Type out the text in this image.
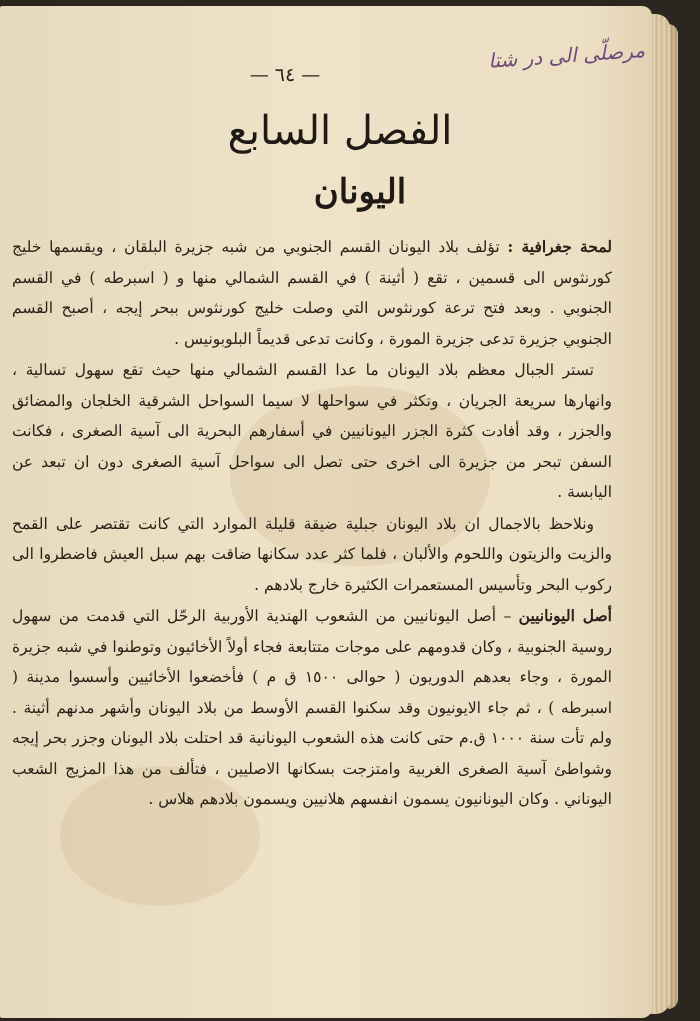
مرصلّى الى در شتا
— ٦٤ —
الفصل السابع
اليونان

لمحة جغرافية : تؤلف بلاد اليونان القسم الجنوبي من شبه جزيرة البلقان ، ويقسمها خليج كورنثوس الى قسمين ، تقع ( أثينة ) في القسم الشمالي منها و ( اسبرطه ) في القسم الجنوبي . وبعد فتح ترعة كورنثوس التي وصلت خليج كورنثوس ببحر إيجه ، أصبح القسم الجنوبي جزيرة تدعى جزيرة المورة ، وكانت تدعى قديماً البلوبونيس .

تستر الجبال معظم بلاد اليونان ما عدا القسم الشمالي منها حيث تقع سهول تسالية ، وانهارها سريعة الجريان ، وتكثر في سواحلها لا سيما السواحل الشرقية الخلجان والمضائق والجزر ، وقد أفادت كثرة الجزر اليونانيين في أسفارهم البحرية الى آسية الصغرى ، فكانت السفن تبحر من جزيرة الى اخرى حتى تصل الى سواحل آسية الصغرى دون ان تبعد عن اليابسة .

ونلاحظ بالاجمال ان بلاد اليونان جبلية ضيقة قليلة الموارد التي كانت تقتصر على القمح والزيت والزيتون واللحوم والألبان ، فلما كثر عدد سكانها ضاقت بهم سبل العيش فاضطروا الى ركوب البحر وتأسيس المستعمرات الكثيرة خارج بلادهم .

أصل اليونانيين – أصل اليونانيين من الشعوب الهندية الأوربية الرحّل التي قدمت من سهول روسية الجنوبية ، وكان قدومهم على موجات متتابعة فجاء أولاً الأخائيون وتوطنوا في شبه جزيرة المورة ، وجاء بعدهم الدوريون ( حوالى ١٥٠٠ ق م ) فأخضعوا الأخائيين وأسسوا مدينة ( اسبرطه ) ، ثم جاء الايونيون وقد سكنوا القسم الأوسط من بلاد اليونان وأشهر مدنهم أثينة . ولم تأت سنة ١٠٠٠ ق.م حتى كانت هذه الشعوب اليونانية قد احتلت بلاد اليونان وجزر بحر إيجه وشواطئ آسية الصغرى الغربية وامتزجت بسكانها الاصليين ، فتألف من هذا المزيج الشعب اليوناني . وكان اليونانيون يسمون انفسهم هلانيين ويسمون بلادهم هلاس .
